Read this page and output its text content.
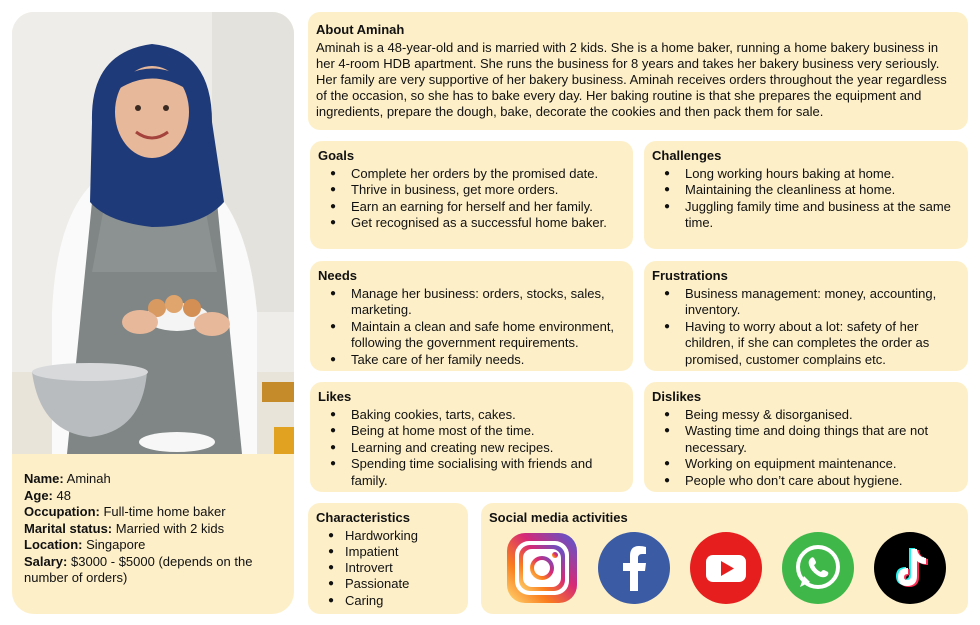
Name: Aminah
Age: 48
Occupation: Full-time home baker
Marital status: Married with 2 kids
Location: Singapore
Salary: $3000 - $5000 (depends on the number of orders)
About Aminah

Aminah is a 48-year-old and is married with 2 kids. She is a home baker, running a home bakery business in her 4-room HDB apartment. She runs the business for 8 years and takes her bakery business very seriously. Her family are very supportive of her bakery business. Aminah receives orders throughout the year regardless of the occasion, so she has to bake every day. Her baking routine is that she prepares the equipment and ingredients, prepare the dough, bake, decorate the cookies and then pack them for sale.

Goals
● Complete her orders by the promised date.
● Thrive in business, get more orders.
● Earn an earning for herself and her family.
● Get recognised as a successful home baker.
Challenges
● Long working hours baking at home.
● Maintaining the cleanliness at home.
● Juggling family time and business at the same time.
Needs
● Manage her business: orders, stocks, sales, marketing.
● Maintain a clean and safe home environment, following the government requirements.
● Take care of her family needs.
Frustrations
● Business management: money, accounting, inventory.
● Having to worry about a lot: safety of her children, if she can completes the order as promised, customer complains etc.
Likes
● Baking cookies, tarts, cakes.
● Being at home most of the time.
● Learning and creating new recipes.
● Spending time socialising with friends and family.
Dislikes
● Being messy & disorganised.
● Wasting time and doing things that are not necessary.
● Working on equipment maintenance.
● People who don’t care about hygiene.
Characteristics
● Hardworking
● Impatient
● Introvert
● Passionate
● Caring
Social media activities
